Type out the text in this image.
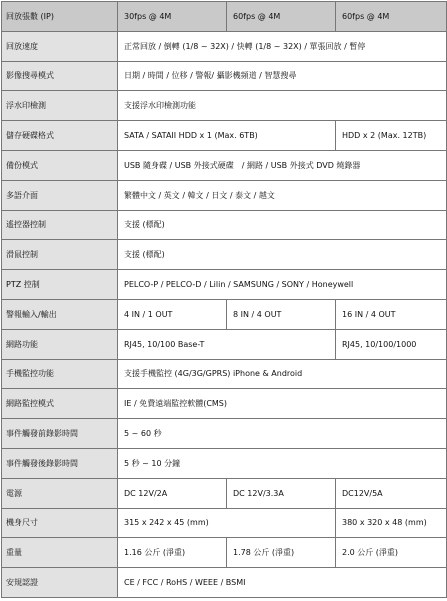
回放張數 (IP)	30fps @ 4M	60fps @ 4M	60fps @ 4M
回放速度	正常回放 / 倒轉 (1/8 ~ 32X) / 快轉 (1/8 ~ 32X) / 單張回放 / 暫停		
影像搜尋模式	日期 / 時間 / 位移 / 警報/ 攝影機頻道 / 智慧搜尋		
浮水印檢測	支援浮水印檢測功能		
儲存硬碟格式	SATA / SATAII HDD x 1 (Max. 6TB)		HDD x 2 (Max. 12TB)
備份模式	USB 隨身碟 / USB 外接式硬碟　/ 網路 / USB 外接式 DVD 燒錄器		
多語介面	繁體中文 / 英文 / 韓文 / 日文 / 泰文 / 越文		
遙控器控制	支援 (標配)		
滑鼠控制	支援 (標配)		
PTZ 控制	PELCO-P / PELCO-D / Lilin / SAMSUNG / SONY / Honeywell		
警報輸入/輸出	4 IN / 1 OUT	8 IN / 4 OUT	16 IN / 4 OUT
網路功能	RJ45, 10/100 Base-T		RJ45, 10/100/1000
手機監控功能	支援手機監控 (4G/3G/GPRS) iPhone & Android		
網路監控模式	IE / 免費遠端監控軟體(CMS)		
事件觸發前錄影時間	5 ~ 60 秒		
事件觸發後錄影時間	5 秒 ~ 10 分鐘		
電源	DC 12V/2A	DC 12V/3.3A	DC12V/5A
機身尺寸	315 x 242 x 45 (mm)		380 x 320 x 48 (mm)
重量	1.16 公斤 (淨重)	1.78 公斤 (淨重)	2.0 公斤 (淨重)
安規認證	CE / FCC / RoHS / WEEE / BSMI		
